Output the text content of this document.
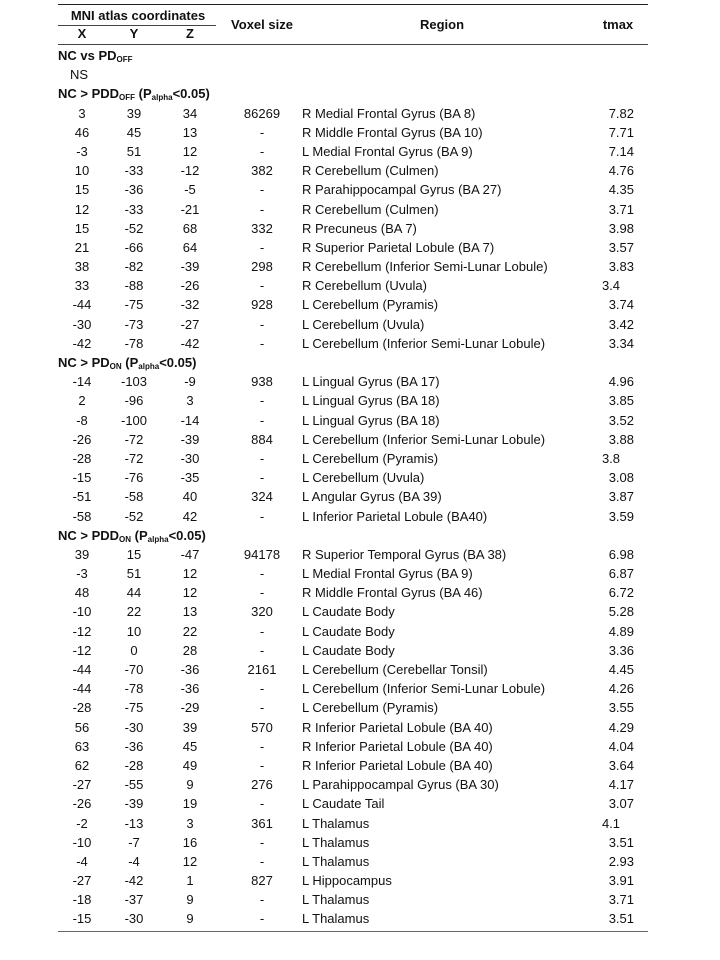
MNI atlas coordinates
X	Y	Z
Voxel size	Region	tmax
NC vs $PD_{OFF}$
NS
NC > $PDD_{OFF}$ $(P_{alpha}<0.05)$
3	39	34	86269	R Medial Frontal Gyrus (BA 8)	7.82
46	45	13	-	R Middle Frontal Gyrus (BA 10)	7.71
-3	51	12	-	L Medial Frontal Gyrus (BA 9)	7.14
10	-33	-12	382	R Cerebellum (Culmen)	4.76
15	-36	-5	-	R Parahippocampal Gyrus (BA 27)	4.35
12	-33	-21	-	R Cerebellum (Culmen)	3.71
15	-52	68	332	R Precuneus (BA 7)	3.98
21	-66	64	-	R Superior Parietal Lobule (BA 7)	3.57
38	-82	-39	298	R Cerebellum (Inferior Semi-Lunar Lobule)	3.83
33	-88	-26	-	R Cerebellum (Uvula)	3.4
-44	-75	-32	928	L Cerebellum (Pyramis)	3.74
-30	-73	-27	-	L Cerebellum (Uvula)	3.42
-42	-78	-42	-	L Cerebellum (Inferior Semi-Lunar Lobule)	3.34
NC > $PD_{ON}$ $(P_{alpha}<0.05)$
-14	-103	-9	938	L Lingual Gyrus (BA 17)	4.96
2	-96	3	-	L Lingual Gyrus (BA 18)	3.85
-8	-100	-14	-	L Lingual Gyrus (BA 18)	3.52
-26	-72	-39	884	L Cerebellum (Inferior Semi-Lunar Lobule)	3.88
-28	-72	-30	-	L Cerebellum (Pyramis)	3.8
-15	-76	-35	-	L Cerebellum (Uvula)	3.08
-51	-58	40	324	L Angular Gyrus (BA 39)	3.87
-58	-52	42	-	L Inferior Parietal Lobule (BA40)	3.59
NC > $PDD_{ON}$ $(P_{alpha}<0.05)$
39	15	-47	94178	R Superior Temporal Gyrus (BA 38)	6.98
-3	51	12	-	L Medial Frontal Gyrus (BA 9)	6.87
48	44	12	-	R Middle Frontal Gyrus (BA 46)	6.72
-10	22	13	320	L Caudate Body	5.28
-12	10	22	-	L Caudate Body	4.89
-12	0	28	-	L Caudate Body	3.36
-44	-70	-36	2161	L Cerebellum (Cerebellar Tonsil)	4.45
-44	-78	-36	-	L Cerebellum (Inferior Semi-Lunar Lobule)	4.26
-28	-75	-29	-	L Cerebellum (Pyramis)	3.55
56	-30	39	570	R Inferior Parietal Lobule (BA 40)	4.29
63	-36	45	-	R Inferior Parietal Lobule (BA 40)	4.04
62	-28	49	-	R Inferior Parietal Lobule (BA 40)	3.64
-27	-55	9	276	L Parahippocampal Gyrus (BA 30)	4.17
-26	-39	19	-	L Caudate Tail	3.07
-2	-13	3	361	L Thalamus	4.1
-10	-7	16	-	L Thalamus	3.51
-4	-4	12	-	L Thalamus	2.93
-27	-42	1	827	L Hippocampus	3.91
-18	-37	9	-	L Thalamus	3.71
-15	-30	9	-	L Thalamus	3.51
